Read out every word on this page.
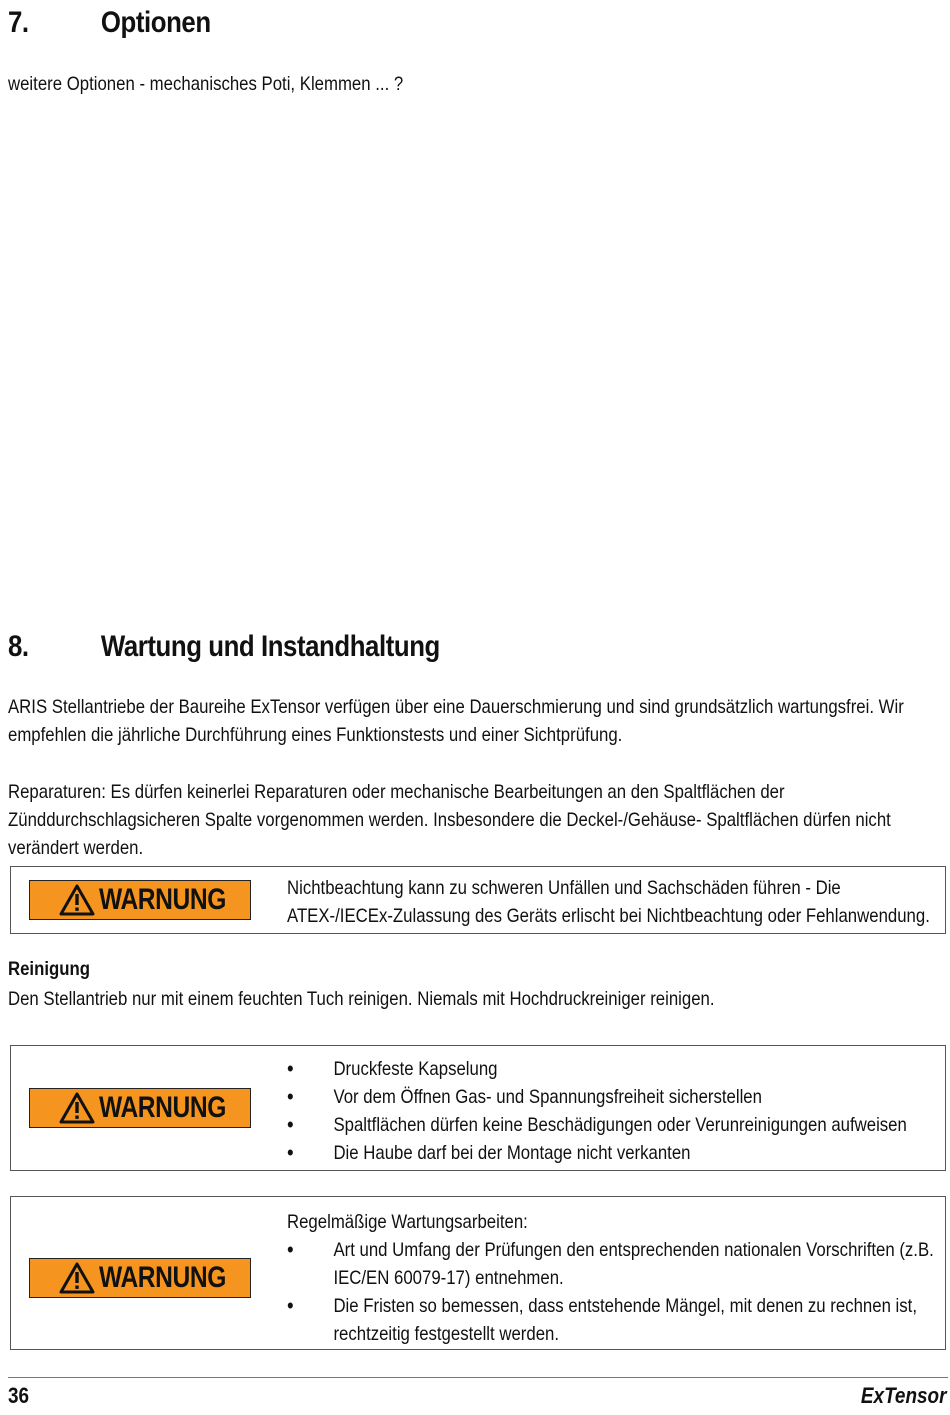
7. Optionen
weitere Optionen - mechanisches Poti, Klemmen ... ?
8. Wartung und Instandhaltung
ARIS Stellantriebe der Baureihe ExTensor verfügen über eine Dauerschmierung und sind grundsätzlich wartungsfrei. Wir empfehlen die jährliche Durchführung eines Funktionstests und einer Sichtprüfung.
Reparaturen: Es dürfen keinerlei Reparaturen oder mechanische Bearbeitungen an den Spaltflächen der Zünddurchschlagsicheren Spalte vorgenommen werden. Insbesondere die Deckel-/Gehäuse- Spaltflächen dürfen nicht verändert werden.
WARNUNG	Nichtbeachtung kann zu schweren Unfällen und Sachschäden führen - Die ATEX-/IECEx-Zulassung des Geräts erlischt bei Nichtbeachtung oder Fehlanwendung.
Reinigung
Den Stellantrieb nur mit einem feuchten Tuch reinigen. Niemals mit Hochdruckreiniger reinigen.
WARNUNG
• Druckfeste Kapselung
• Vor dem Öffnen Gas- und Spannungsfreiheit sicherstellen
• Spaltflächen dürfen keine Beschädigungen oder Verunreinigungen aufweisen
• Die Haube darf bei der Montage nicht verkanten
WARNUNG
Regelmäßige Wartungsarbeiten:
• Art und Umfang der Prüfungen den entsprechenden nationalen Vorschriften (z.B. IEC/EN 60079-17) entnehmen.
• Die Fristen so bemessen, dass entstehende Mängel, mit denen zu rechnen ist, rechtzeitig festgestellt werden.
36	ExTensor
